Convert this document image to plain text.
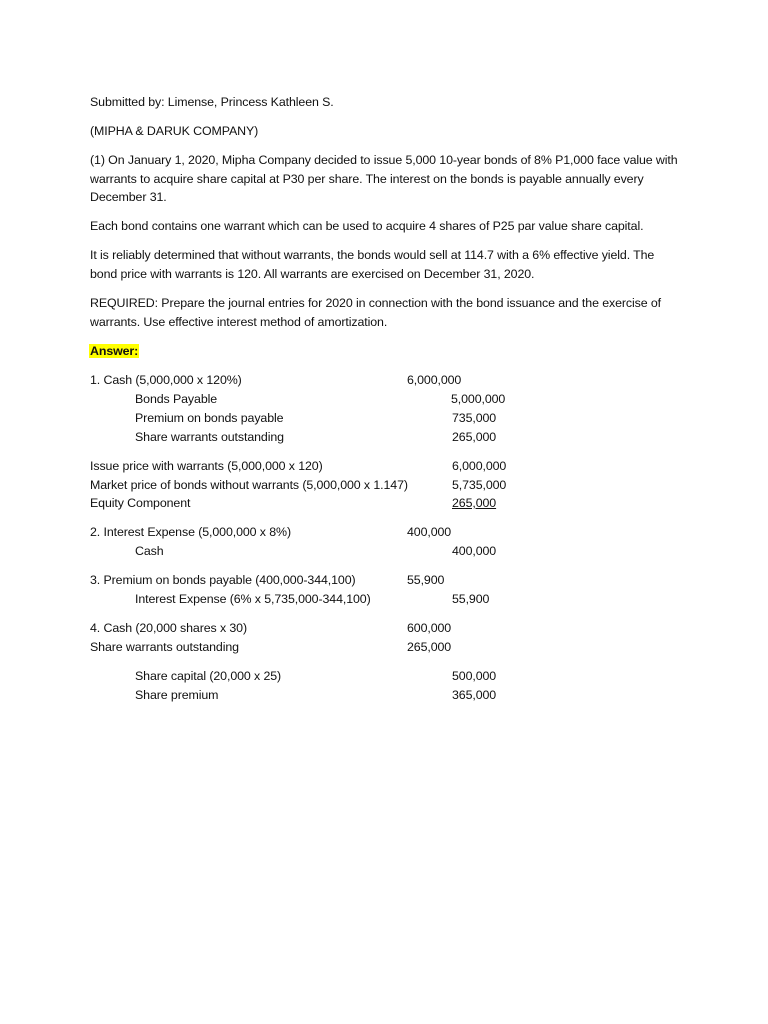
Submitted by: Limense, Princess Kathleen S.
(MIPHA & DARUK COMPANY)

(1) On January 1, 2020, Mipha Company decided to issue 5,000 10-year bonds of 8% P1,000 face value with warrants to acquire share capital at P30 per share. The interest on the bonds is payable annually every December 31.

Each bond contains one warrant which can be used to acquire 4 shares of P25 par value share capital.

It is reliably determined that without warrants, the bonds would sell at 114.7 with a 6% effective yield. The bond price with warrants is 120. All warrants are exercised on December 31, 2020.

REQUIRED: Prepare the journal entries for 2020 in connection with the bond issuance and the exercise of warrants. Use effective interest method of amortization.

Answer:
1. Cash (5,000,000 x 120%)	6,000,000
Bonds Payable	5,000,000
Premium on bonds payable	735,000
Share warrants outstanding	265,000
Issue price with warrants (5,000,000 x 120)	6,000,000
Market price of bonds without warrants (5,000,000 x 1.147)	5,735,000
Equity Component	265,000
2. Interest Expense (5,000,000 x 8%)	400,000
Cash	400,000
3. Premium on bonds payable (400,000-344,100)	55,900
Interest Expense (6% x 5,735,000-344,100)	55,900
4. Cash (20,000 shares x 30)	600,000
Share warrants outstanding	265,000
Share capital (20,000 x 25)	500,000
Share premium	365,000
